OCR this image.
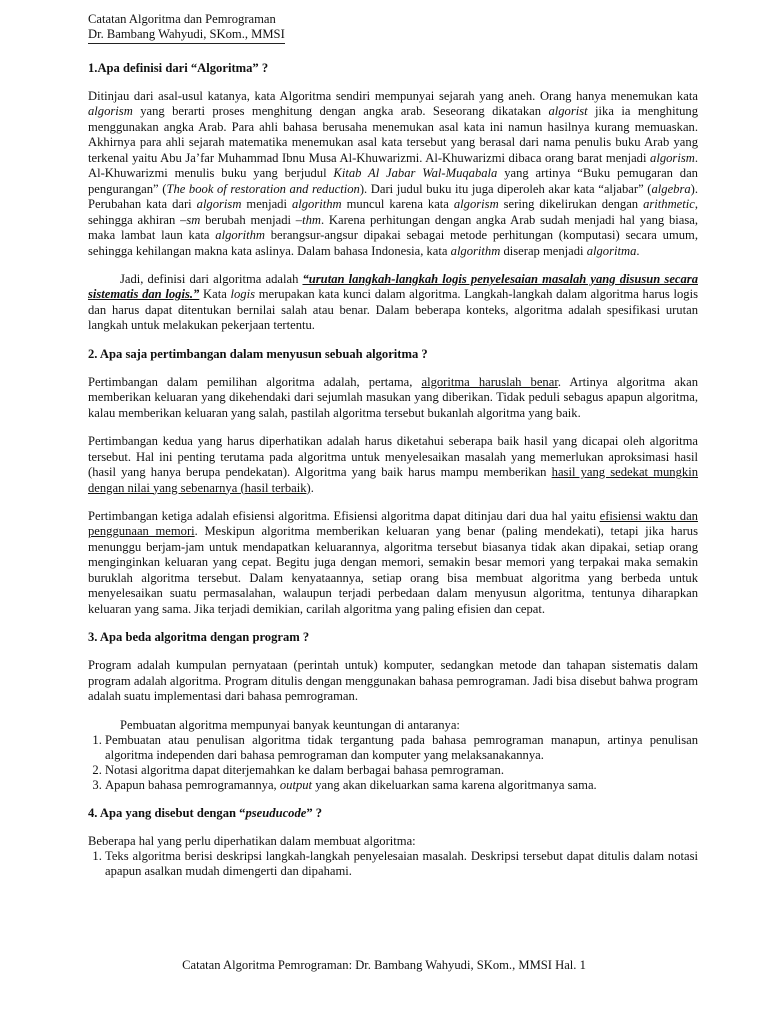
Catatan Algoritma dan Pemrograman
Dr. Bambang Wahyudi, SKom., MMSI
1.Apa definisi dari “Algoritma” ?

Ditinjau dari asal-usul katanya, kata Algoritma sendiri mempunyai sejarah yang aneh. Orang hanya menemukan kata algorism yang berarti proses menghitung dengan angka arab. Seseorang dikatakan algorist jika ia menghitung menggunakan angka Arab. Para ahli bahasa berusaha menemukan asal kata ini namun hasilnya kurang memuaskan. Akhirnya para ahli sejarah matematika menemukan asal kata tersebut yang berasal dari nama penulis buku Arab yang terkenal yaitu Abu Ja’far Muhammad Ibnu Musa Al-Khuwarizmi. Al-Khuwarizmi dibaca orang barat menjadi algorism. Al-Khuwarizmi menulis buku yang berjudul Kitab Al Jabar Wal-Muqabala yang artinya “Buku pemugaran dan pengurangan” (The book of restoration and reduction). Dari judul buku itu juga diperoleh akar kata “aljabar” (algebra). Perubahan kata dari algorism menjadi algorithm muncul karena kata algorism sering dikelirukan dengan arithmetic, sehingga akhiran –sm berubah menjadi –thm. Karena perhitungan dengan angka Arab sudah menjadi hal yang biasa, maka lambat laun kata algorithm berangsur-angsur dipakai sebagai metode perhitungan (komputasi) secara umum, sehingga kehilangan makna kata aslinya. Dalam bahasa Indonesia, kata algorithm diserap menjadi algoritma.

Jadi, definisi dari algoritma adalah “urutan langkah-langkah logis penyelesaian masalah yang disusun secara sistematis dan logis.” Kata logis merupakan kata kunci dalam algoritma. Langkah-langkah dalam algoritma harus logis dan harus dapat ditentukan bernilai salah atau benar. Dalam beberapa konteks, algoritma adalah spesifikasi urutan langkah untuk melakukan pekerjaan tertentu.

2. Apa saja pertimbangan dalam menyusun sebuah algoritma ?

Pertimbangan dalam pemilihan algoritma adalah, pertama, algoritma haruslah benar. Artinya algoritma akan memberikan keluaran yang dikehendaki dari sejumlah masukan yang diberikan. Tidak peduli sebagus apapun algoritma, kalau memberikan keluaran yang salah, pastilah algoritma tersebut bukanlah algoritma yang baik.

Pertimbangan kedua yang harus diperhatikan adalah harus diketahui seberapa baik hasil yang dicapai oleh algoritma tersebut. Hal ini penting terutama pada algoritma untuk menyelesaikan masalah yang memerlukan aproksimasi hasil (hasil yang hanya berupa pendekatan). Algoritma yang baik harus mampu memberikan hasil yang sedekat mungkin dengan nilai yang sebenarnya (hasil terbaik).

Pertimbangan ketiga adalah efisiensi algoritma. Efisiensi algoritma dapat ditinjau dari dua hal yaitu efisiensi waktu dan penggunaan memori. Meskipun algoritma memberikan keluaran yang benar (paling mendekati), tetapi jika harus menunggu berjam-jam untuk mendapatkan keluarannya, algoritma tersebut biasanya tidak akan dipakai, setiap orang menginginkan keluaran yang cepat. Begitu juga dengan memori, semakin besar memori yang terpakai maka semakin buruklah algoritma tersebut. Dalam kenyataannya, setiap orang bisa membuat algoritma yang berbeda untuk menyelesaikan suatu permasalahan, walaupun terjadi perbedaan dalam menyusun algoritma, tentunya diharapkan keluaran yang sama. Jika terjadi demikian, carilah algoritma yang paling efisien dan cepat.

3. Apa beda algoritma dengan program ?

Program adalah kumpulan pernyataan (perintah untuk) komputer, sedangkan metode dan tahapan sistematis dalam program adalah algoritma. Program ditulis dengan menggunakan bahasa pemrograman. Jadi bisa disebut bahwa program adalah suatu implementasi dari bahasa pemrograman.

Pembuatan algoritma mempunyai banyak keuntungan di antaranya:

1. Pembuatan atau penulisan algoritma tidak tergantung pada bahasa pemrograman manapun, artinya penulisan algoritma independen dari bahasa pemrograman dan komputer yang melaksanakannya.
2. Notasi algoritma dapat diterjemahkan ke dalam berbagai bahasa pemrograman.
3. Apapun bahasa pemrogramannya, output yang akan dikeluarkan sama karena algoritmanya sama.
4. Apa yang disebut dengan “pseuducode” ?

Beberapa hal yang perlu diperhatikan dalam membuat algoritma:

1. Teks algoritma berisi deskripsi langkah-langkah penyelesaian masalah. Deskripsi tersebut dapat ditulis dalam notasi apapun asalkan mudah dimengerti dan dipahami.
Catatan Algoritma Pemrograman: Dr. Bambang Wahyudi, SKom., MMSI Hal. 1
